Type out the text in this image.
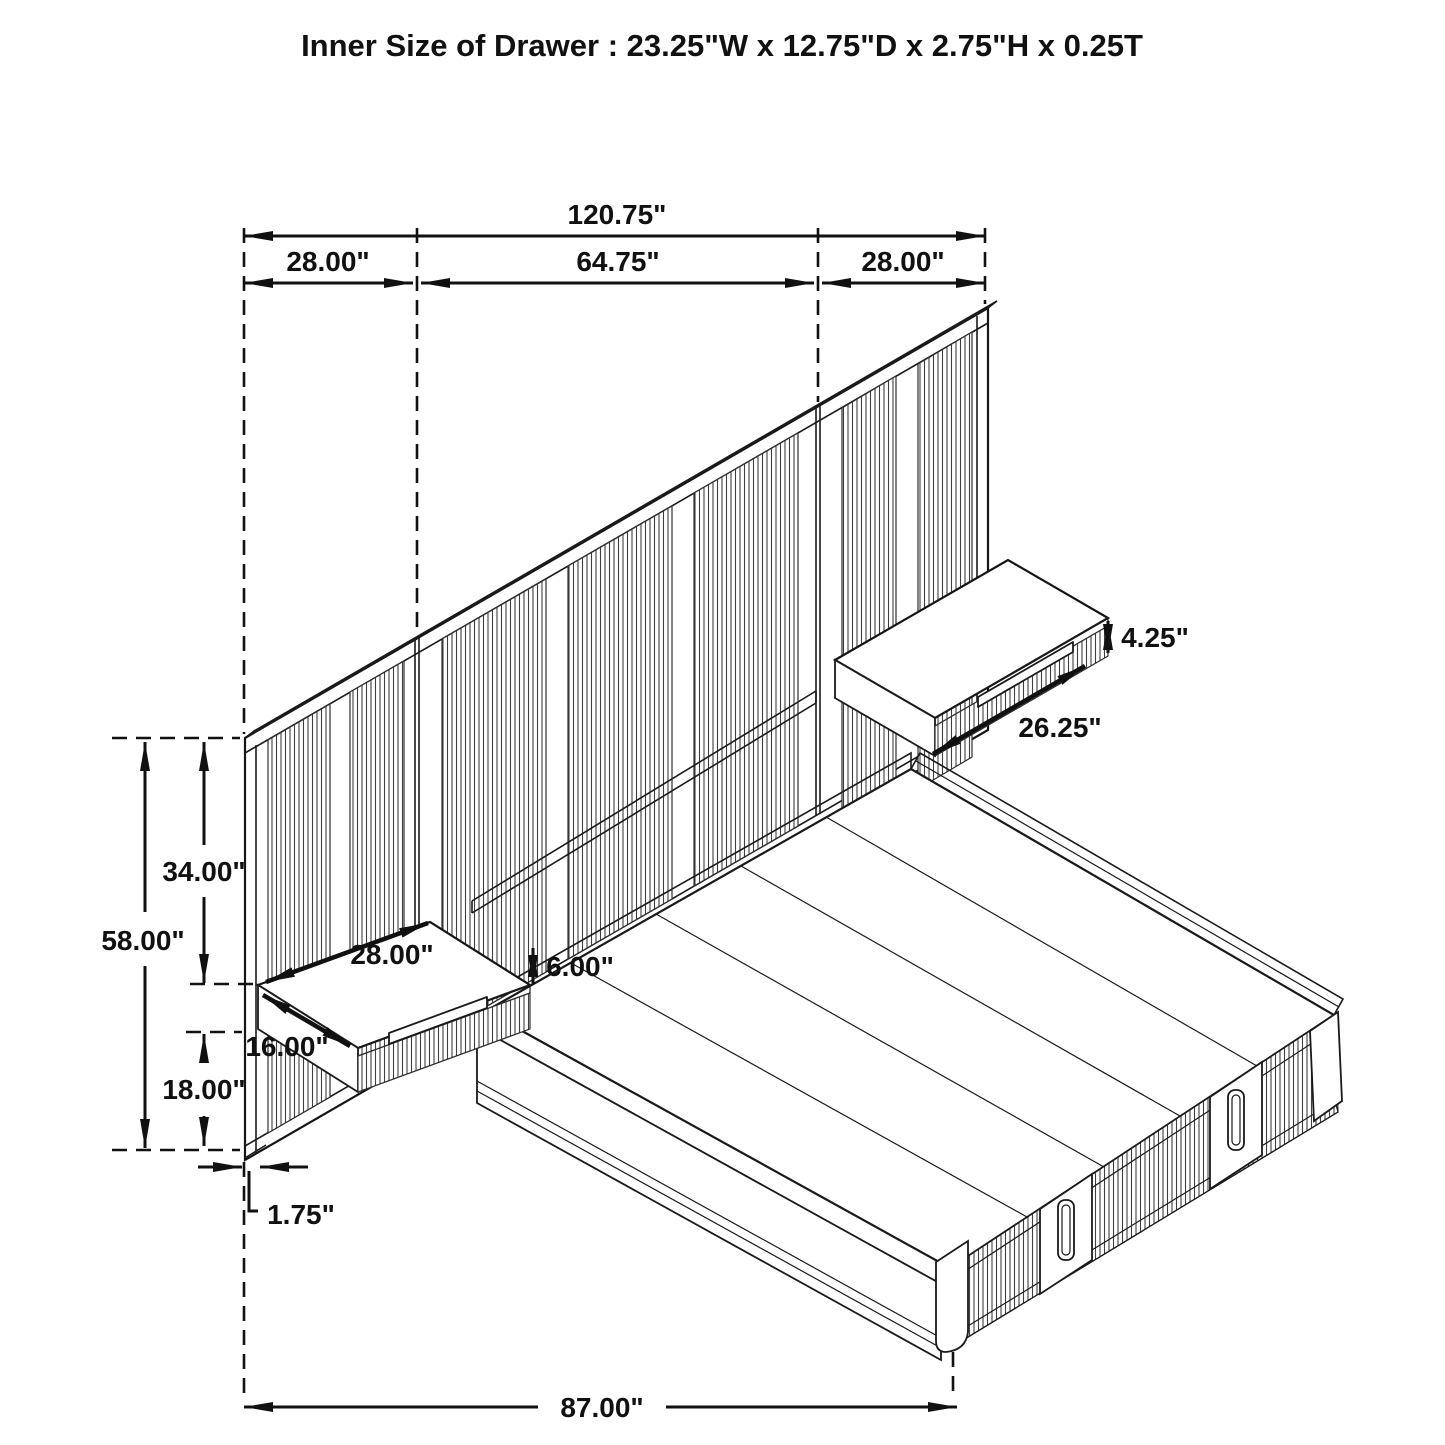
Inner Size of Drawer : 23.25"W x 12.75"D x 2.75"H x 0.25T
120.75"
28.00"	64.75"	28.00"
58.00"
34.00"
16.00"
28.00"	6.00"
18.00"
26.25"
4.25"
1.75"
87.00"
